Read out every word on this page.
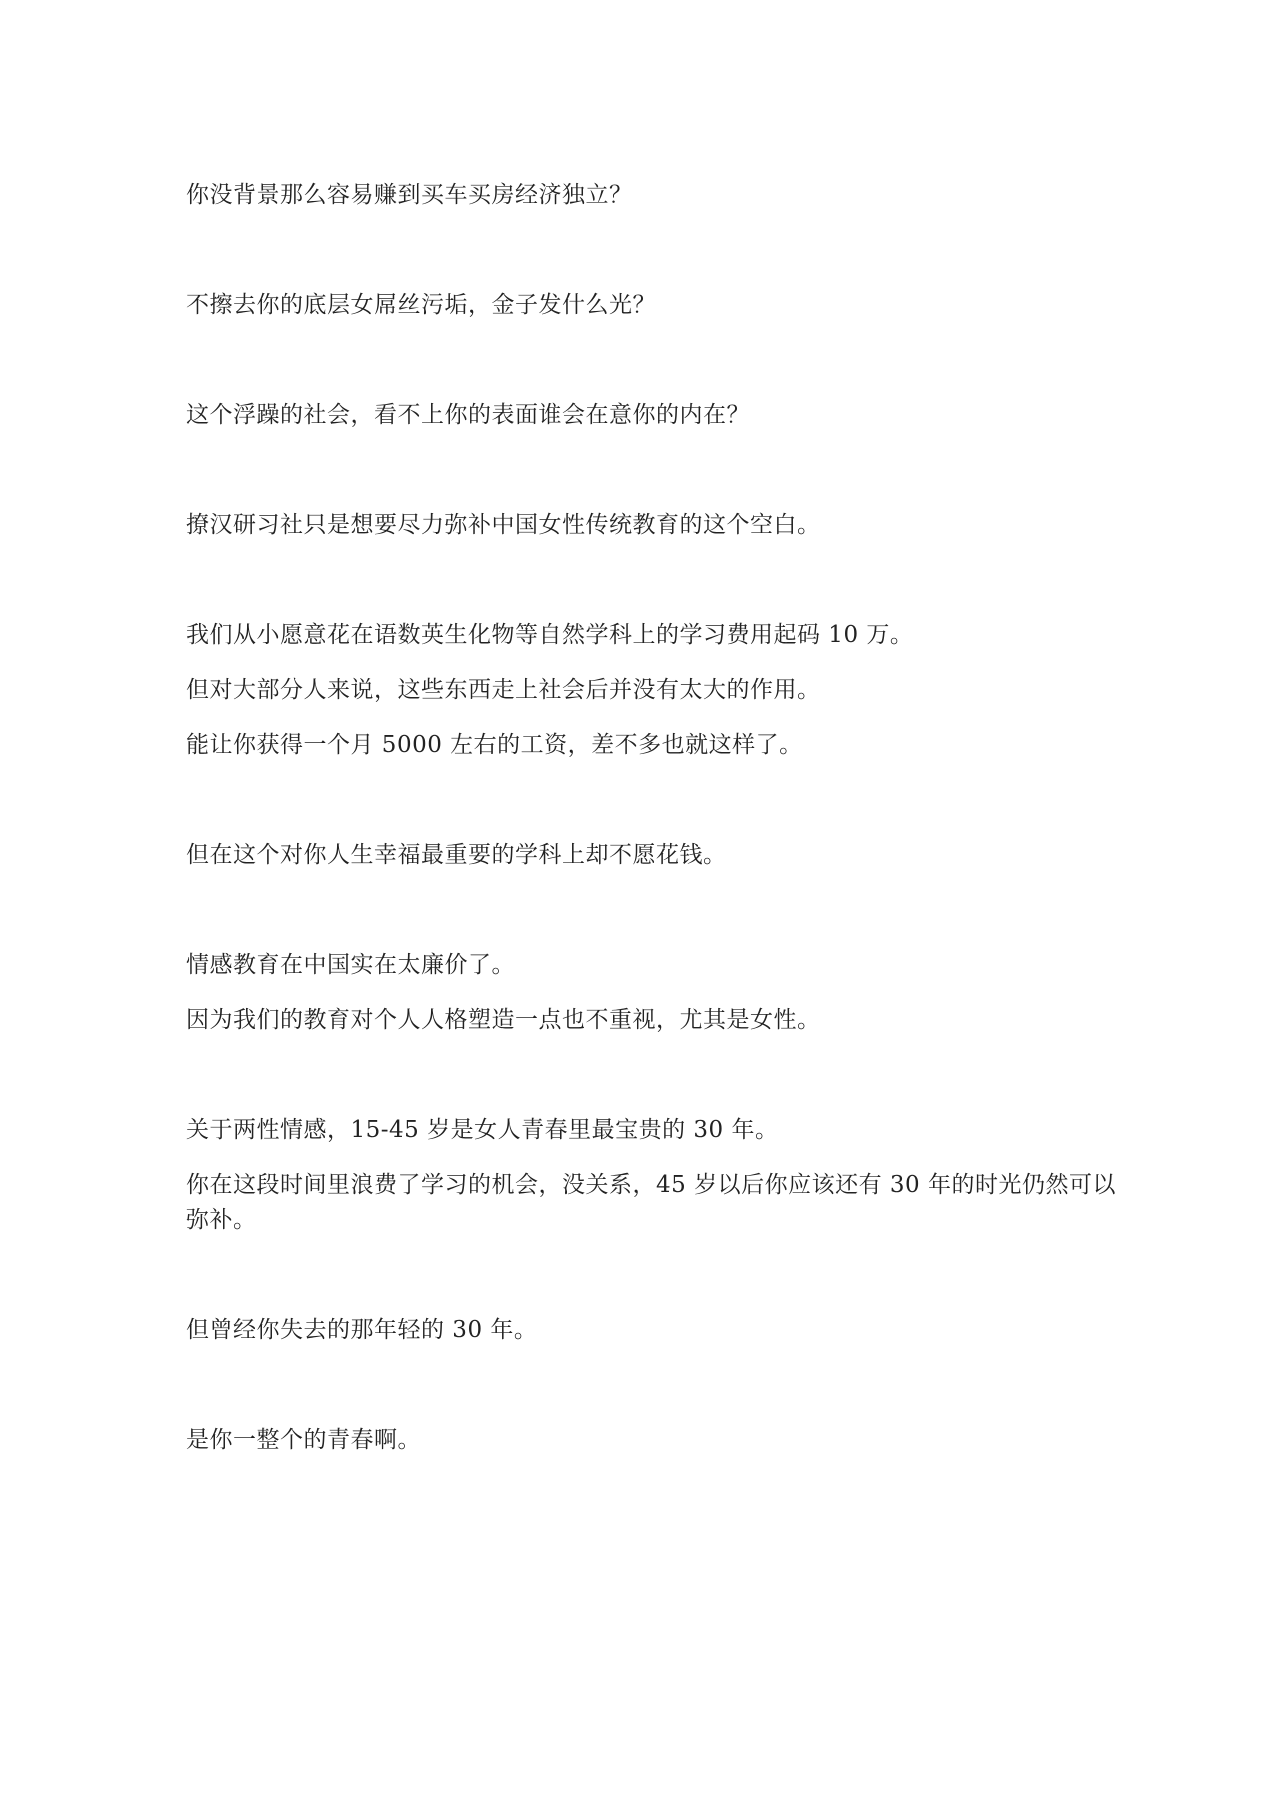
你没背景那么容易赚到买车买房经济独立？

不擦去你的底层女屌丝污垢，金子发什么光？

这个浮躁的社会，看不上你的表面谁会在意你的内在？

撩汉研习社只是想要尽力弥补中国女性传统教育的这个空白。

我们从小愿意花在语数英生化物等自然学科上的学习费用起码 10 万。

但对大部分人来说，这些东西走上社会后并没有太大的作用。

能让你获得一个月 5000 左右的工资，差不多也就这样了。

但在这个对你人生幸福最重要的学科上却不愿花钱。

情感教育在中国实在太廉价了。

因为我们的教育对个人人格塑造一点也不重视，尤其是女性。

关于两性情感，15-45 岁是女人青春里最宝贵的 30 年。

你在这段时间里浪费了学习的机会，没关系，45 岁以后你应该还有 30 年的时光仍然可以弥补。

但曾经你失去的那年轻的 30 年。

是你一整个的青春啊。
